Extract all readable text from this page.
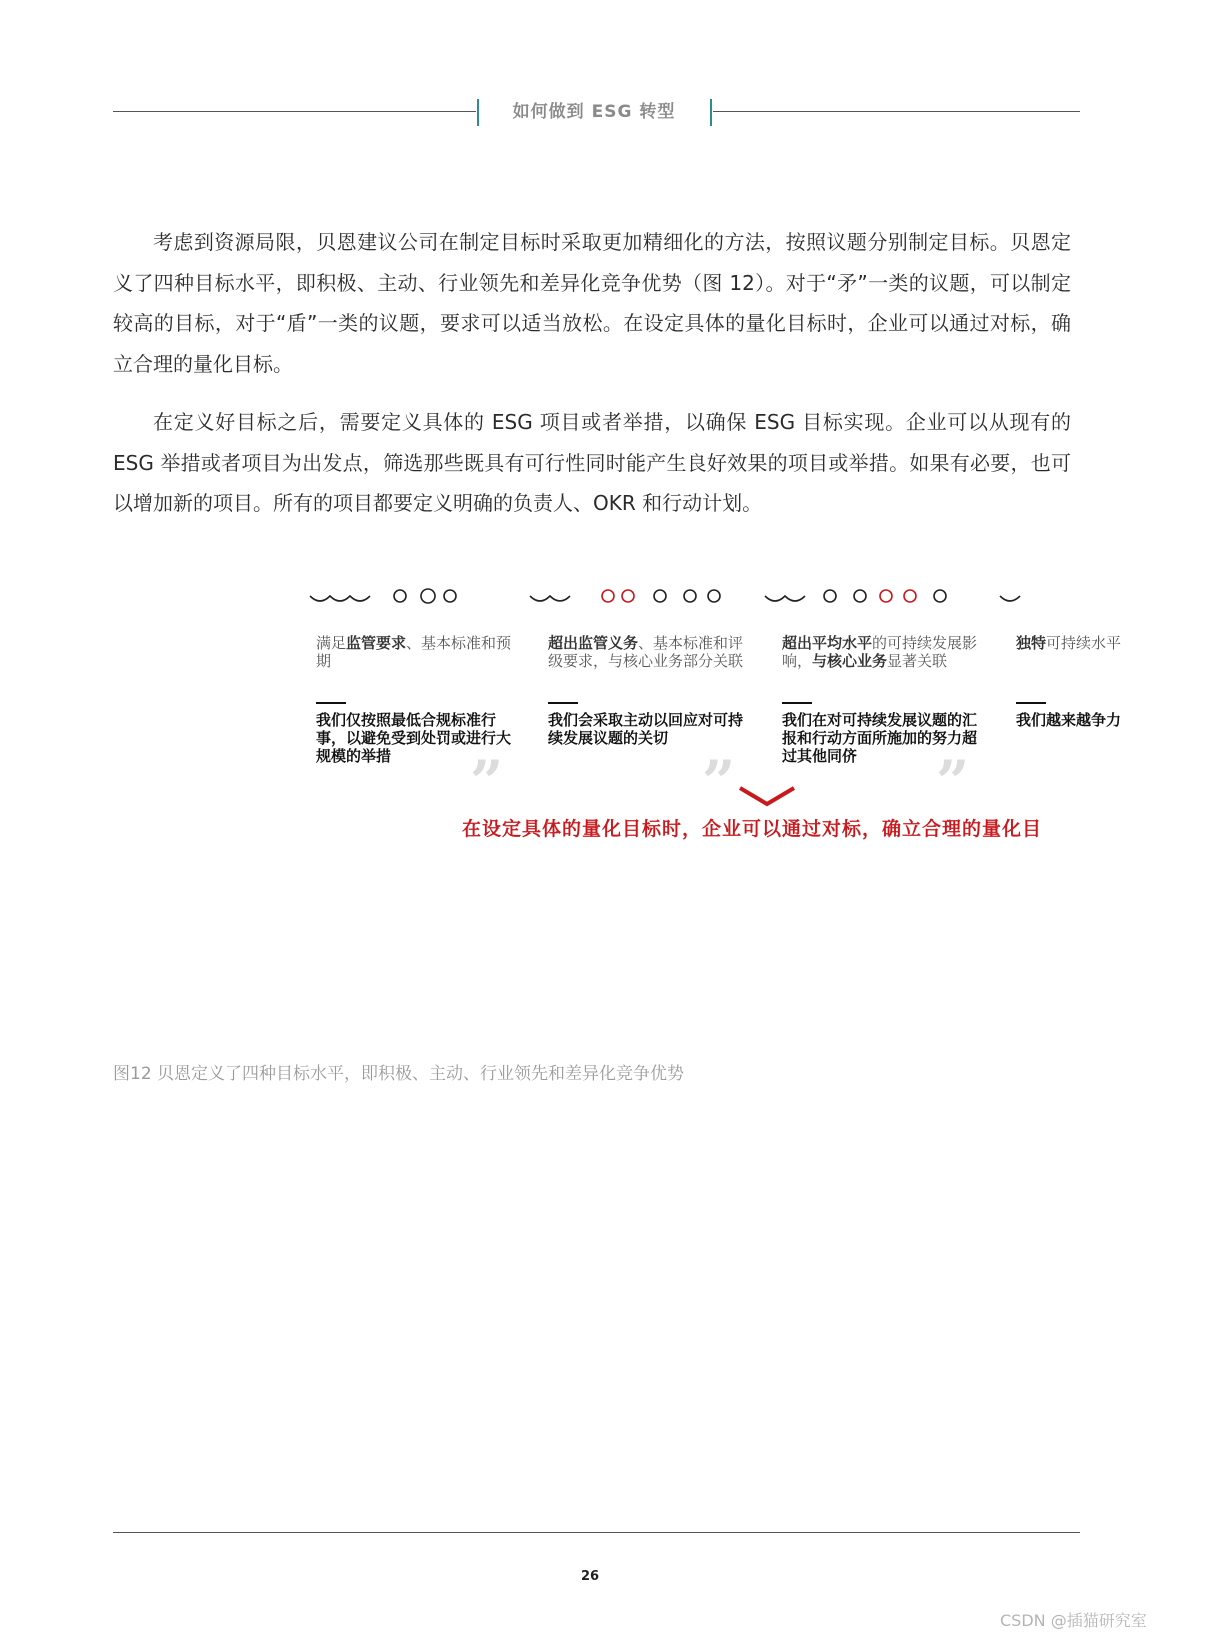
如何做到 ESG 转型

考虑到资源局限，贝恩建议公司在制定目标时采取更加精细化的方法，按照议题分别制定目标。贝恩定义了四种目标水平，即积极、主动、行业领先和差异化竞争优势（图 12）。对于“矛”一类的议题，可以制定较高的目标，对于“盾”一类的议题，要求可以适当放松。在设定具体的量化目标时，企业可以通过对标，确立合理的量化目标。

在定义好目标之后，需要定义具体的 ESG 项目或者举措，以确保 ESG 目标实现。企业可以从现有的 ESG 举措或者项目为出发点，筛选那些既具有可行性同时能产生良好效果的项目或举措。如果有必要，也可以增加新的项目。所有的项目都要定义明确的负责人、OKR 和行动计划。

满足监管要求、基本标准和预期
我们仅按照最低合规标准行事，以避免受到处罚或进行大规模的举措	”
超出监管义务、基本标准和评级要求，与核心业务部分关联
我们会采取主动以回应对可持续发展议题的关切
”
超出平均水平的可持续发展影响，与核心业务显著关联
我们在对可持续发展议题的汇报和行动方面所施加的努力超过其他同侪	”
独特可持续水平
我们越来越争力
在设定具体的量化目标时，企业可以通过对标，确立合理的量化目
图12 贝恩定义了四种目标水平，即积极、主动、行业领先和差异化竞争优势
26
CSDN @插猫研究室
